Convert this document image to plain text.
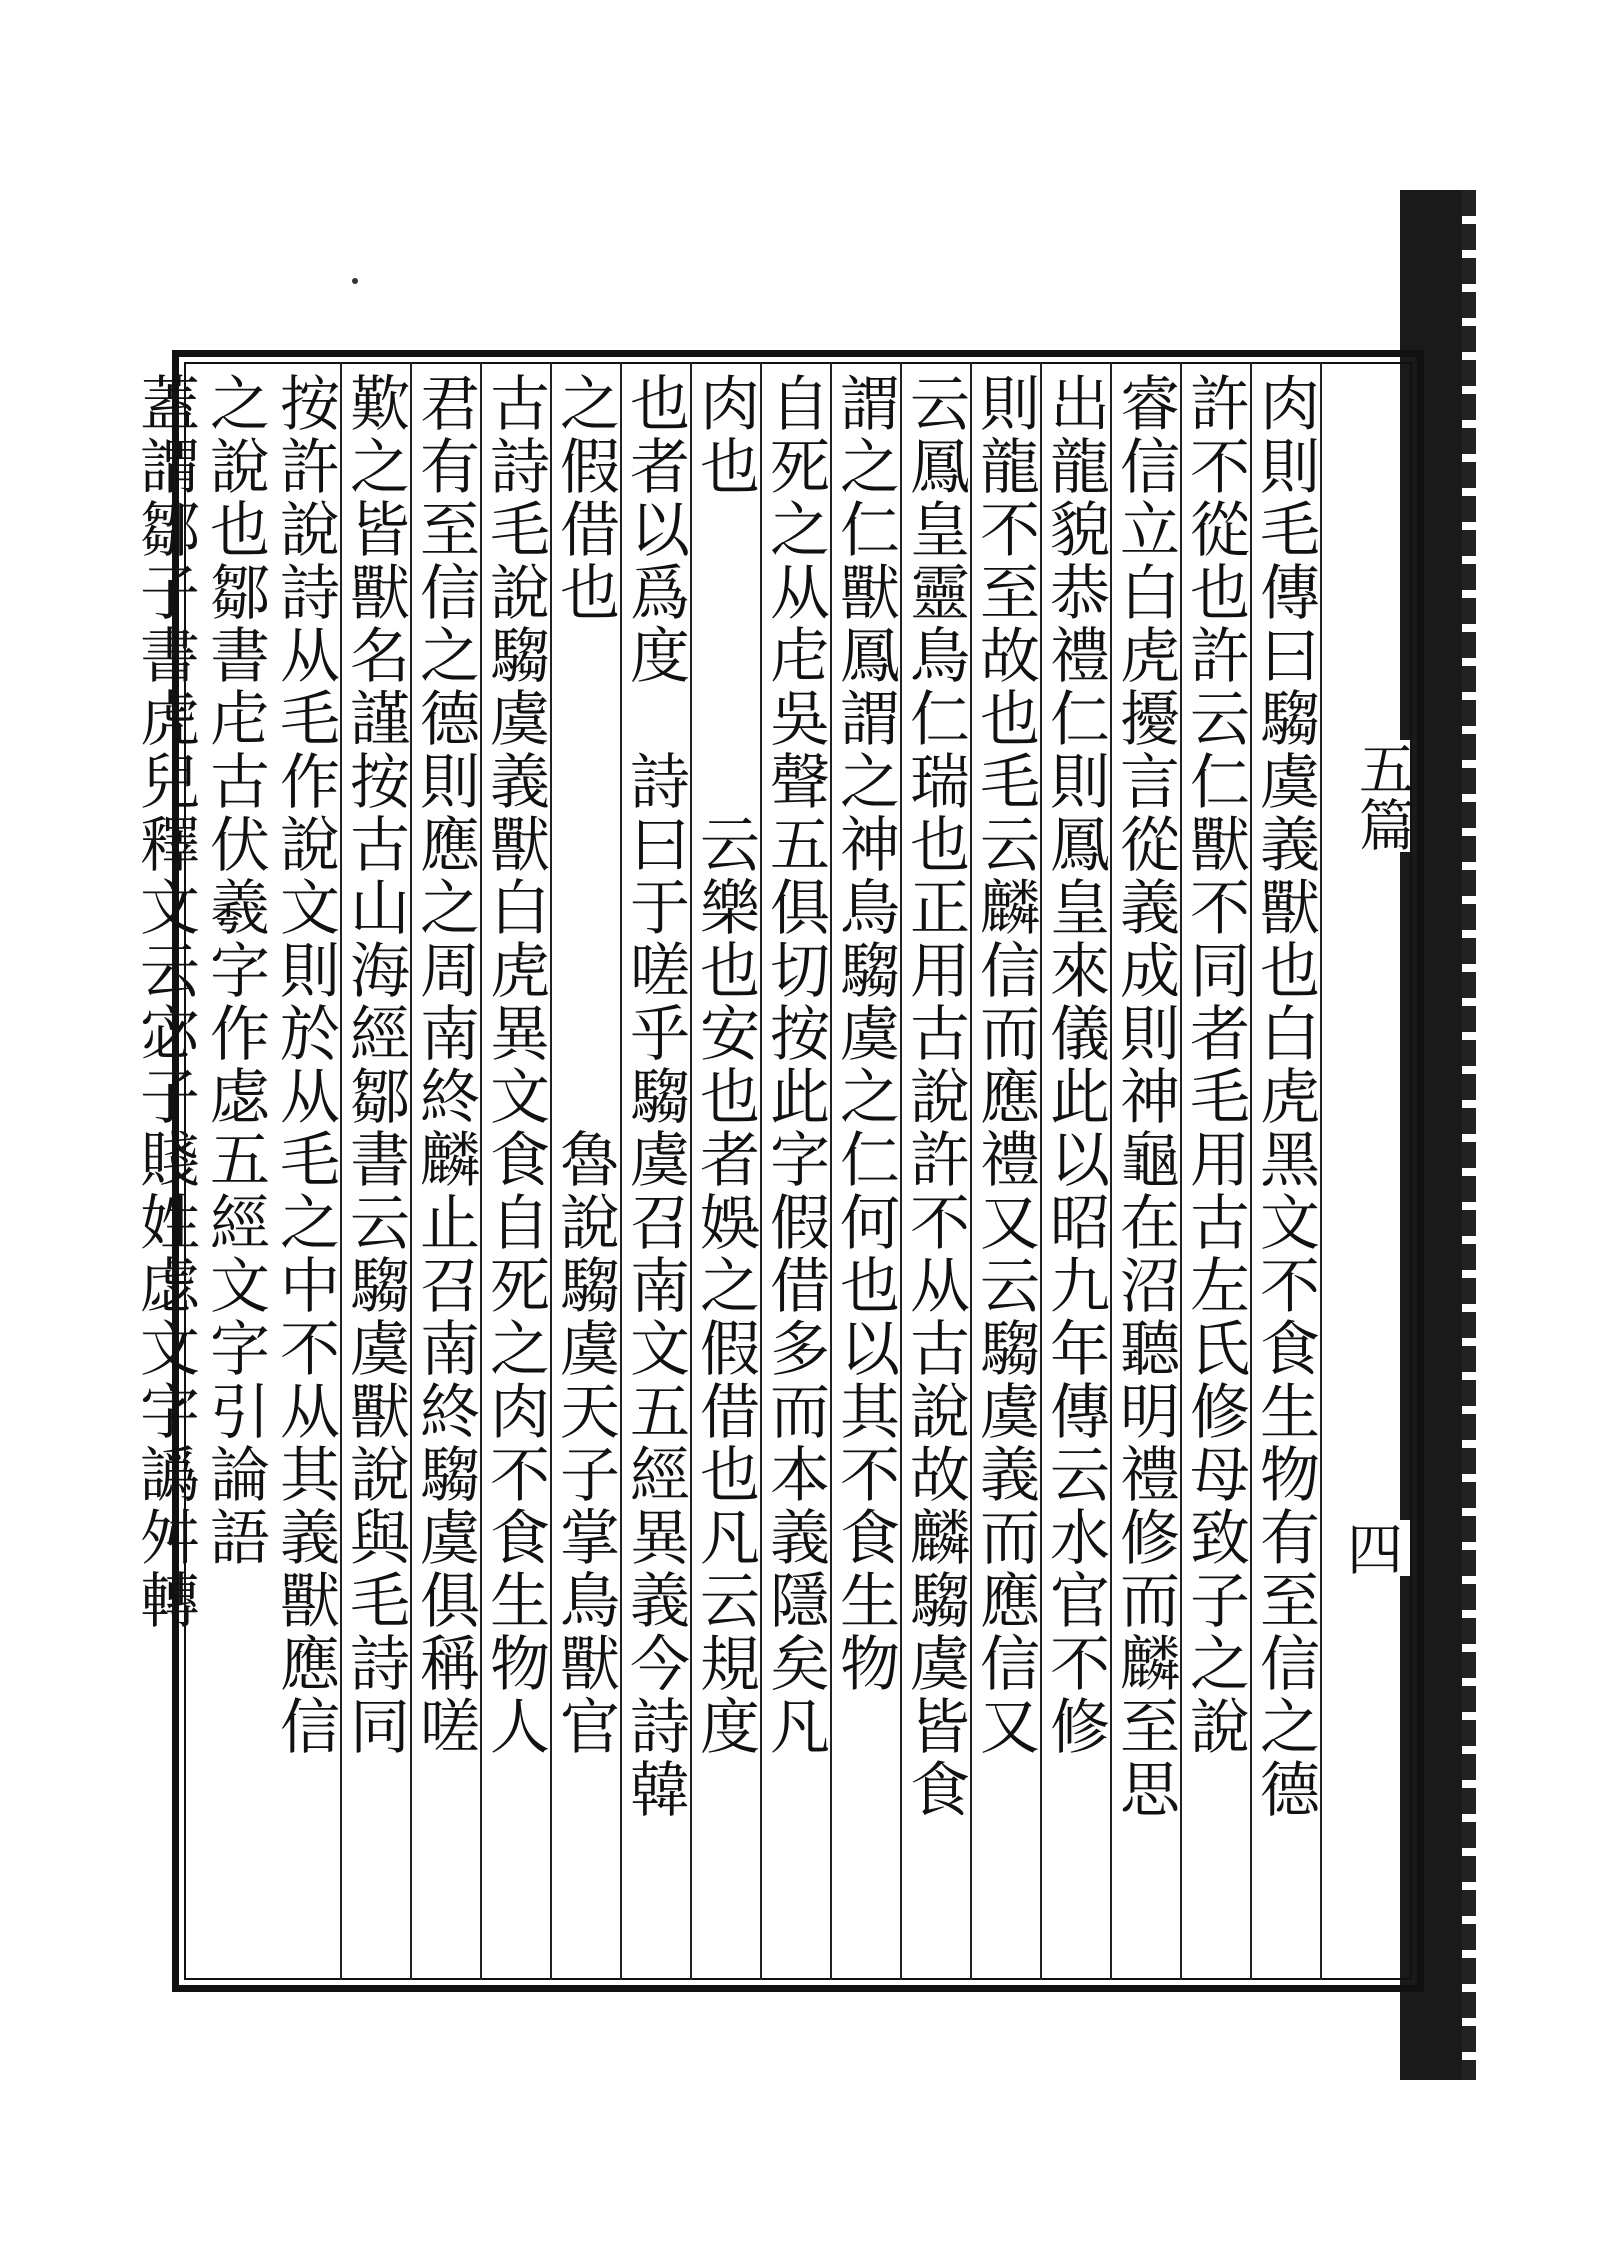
五篇
四
肉則毛傳曰騶虞義獸也白虎黑文不食生物有至信之德
許不從也許云仁獸不同者毛用古左氏修母致子之說
睿信立白虎擾言從義成則神龜在沼聽明禮修而麟至思
出龍貌恭禮仁則鳳皇來儀此以昭九年傳云水官不修
則龍不至故也毛云麟信而應禮又云騶虞義而應信又
云鳳皇靈鳥仁瑞也正用古說許不从古說故麟騶虞皆食
謂之仁獸鳳謂之神鳥騶虞之仁何也以其不食生物
自死之从虍吳聲五俱切按此字假借多而本義隱矣凡
肉也　　　　　云樂也安也者娛之假借也凡云規度
也者以爲度　詩曰于嗟乎騶虞召南文五經異義今詩韓
之假借也　　　　　　　　魯說騶虞天子掌鳥獸官
古詩毛說騶虞義獸白虎異文食自死之肉不食生物人
君有至信之德則應之周南終麟止召南終騶虞俱稱嗟
歎之皆獸名謹按古山海經鄒書云騶虞獸說與毛詩同
按許說詩从毛作說文則於从毛之中不从其義獸應信
之說也鄒書虍古伏羲字作虙五經文字引論語
蓋謂鄒子書虎兒釋文云宓子賤姓虙文字譌舛轉
